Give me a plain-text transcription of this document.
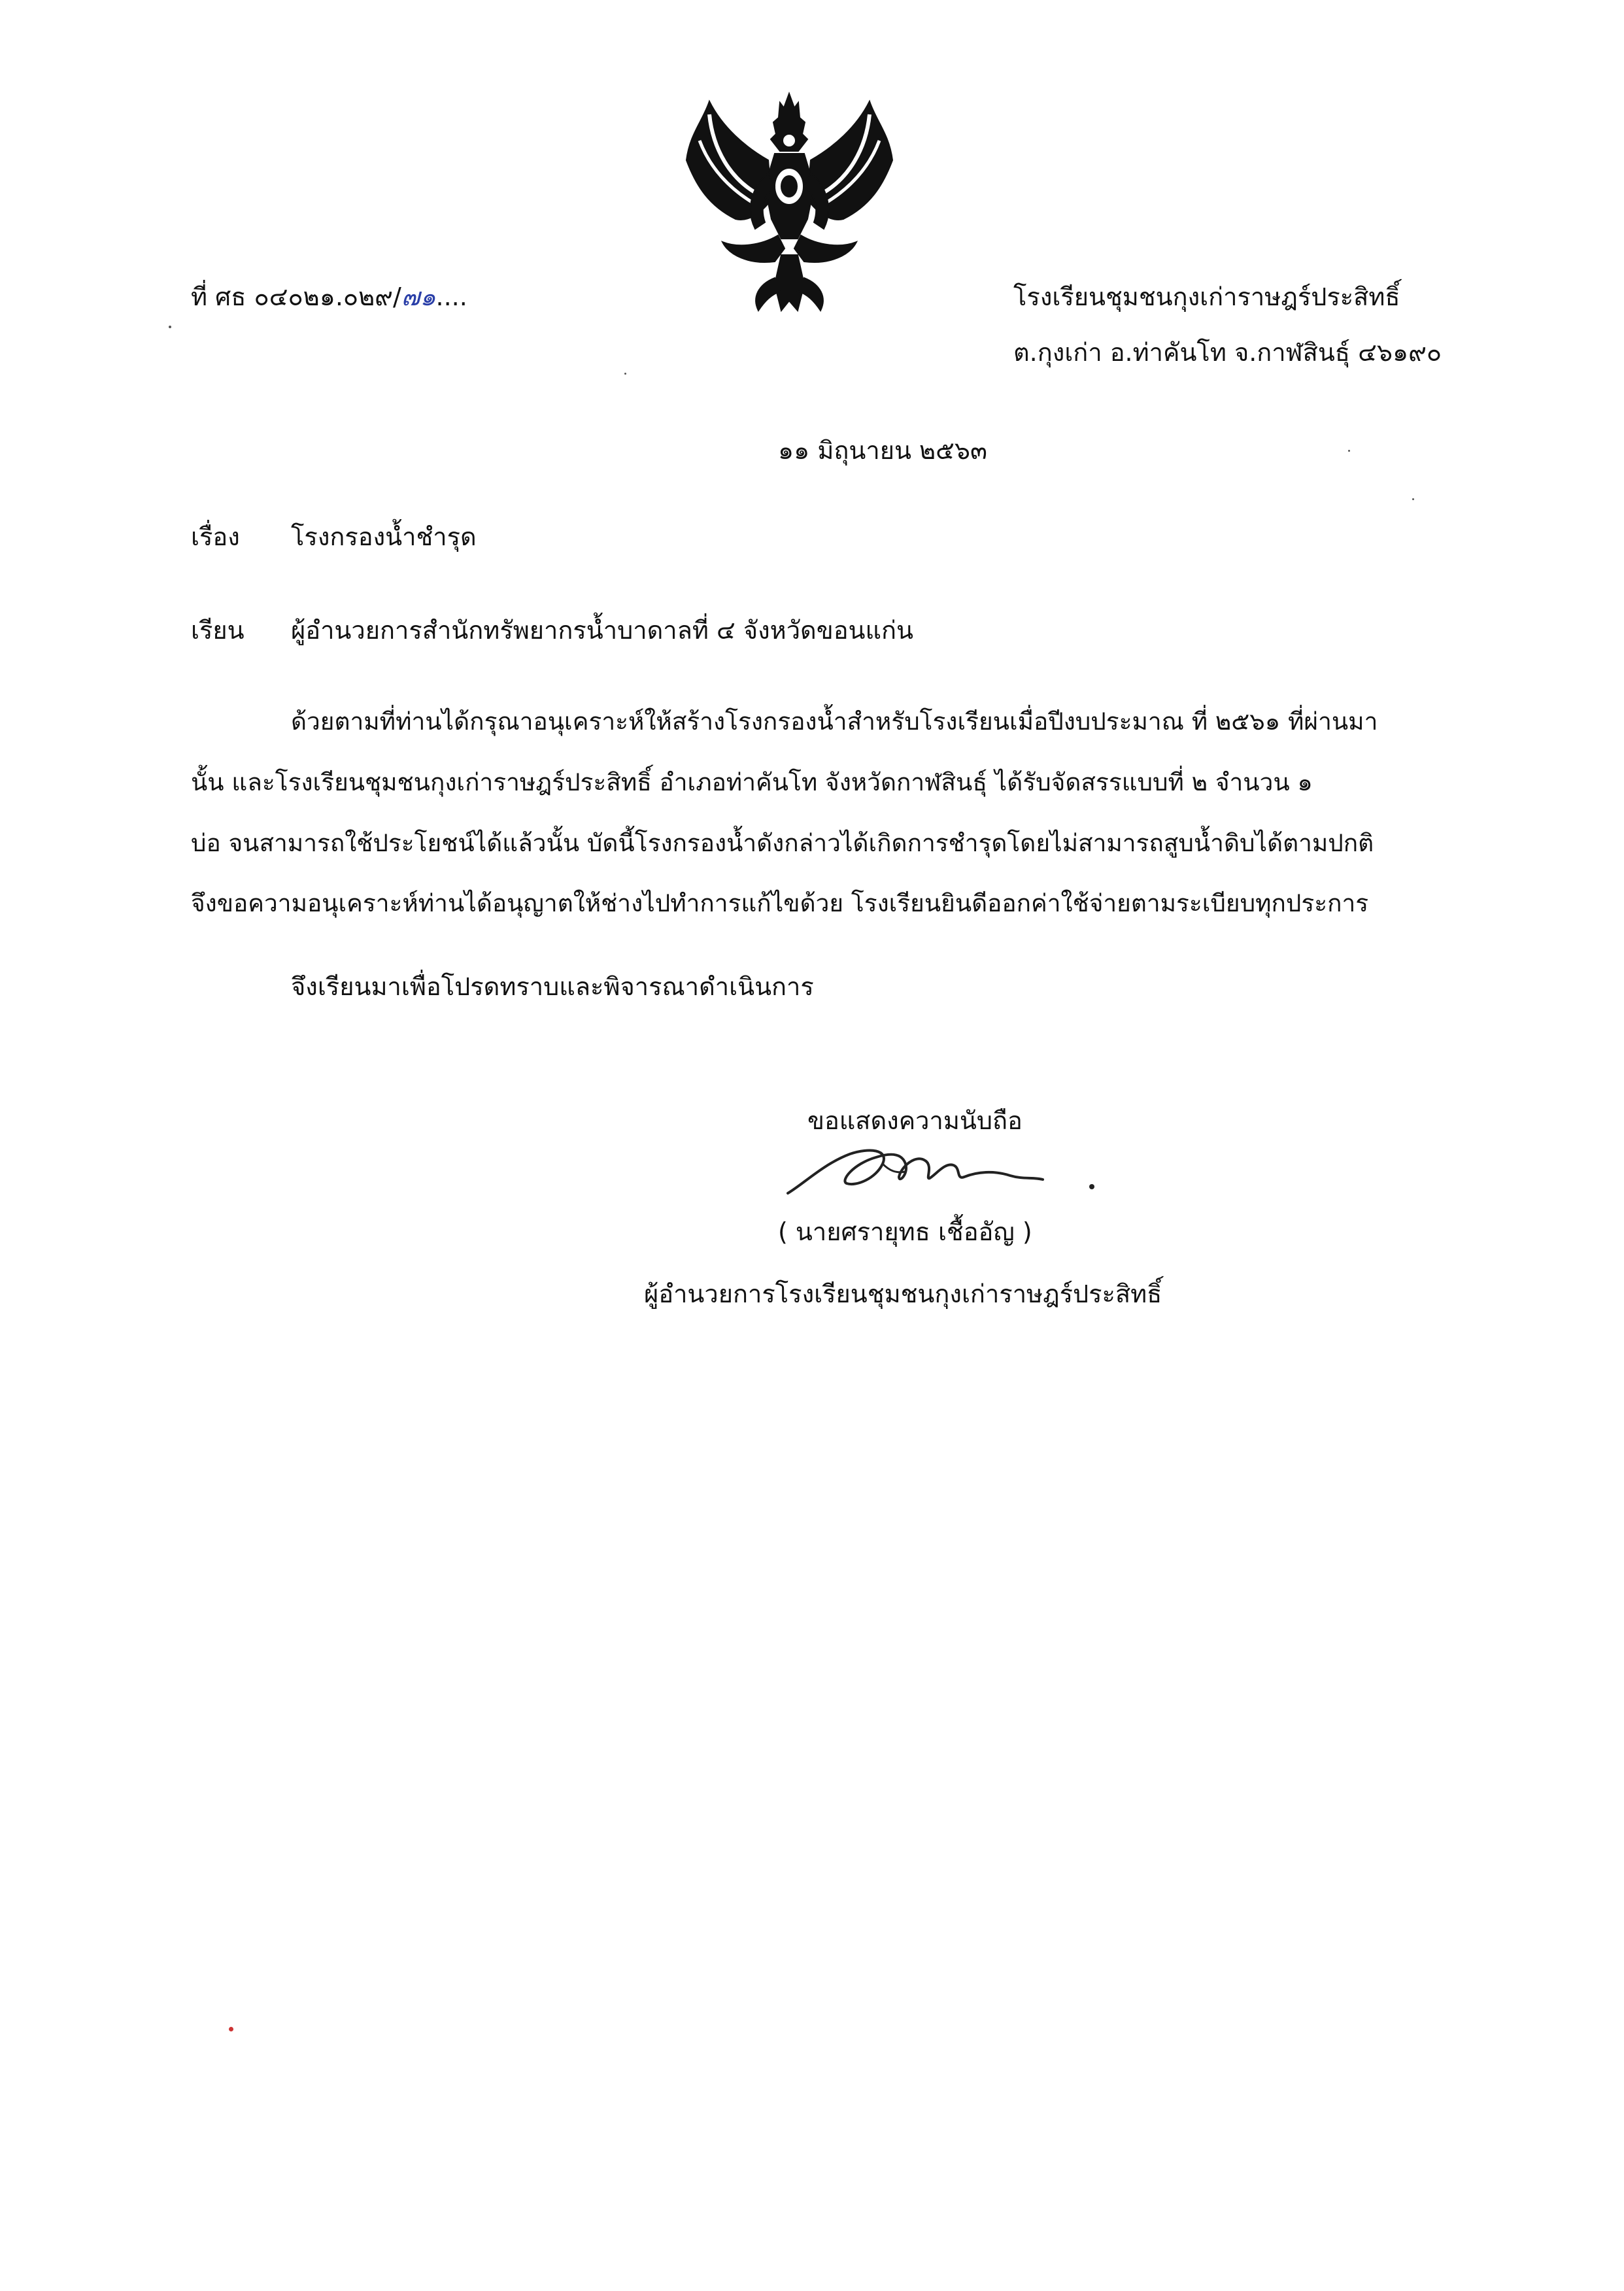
ที่ ศธ ๐๔๐๒๑.๐๒๙/๗๑....	โรงเรียนชุมชนกุงเก่าราษฎร์ประสิทธิ์
ต.กุงเก่า อ.ท่าคันโท จ.กาฬสินธุ์ ๔๖๑๙๐
๑๑ มิถุนายน ๒๕๖๓
เรื่อง โรงกรองน้ำชำรุด
เรียน ผู้อำนวยการสำนักทรัพยากรน้ำบาดาลที่ ๔ จังหวัดขอนแก่น
ด้วยตามที่ท่านได้กรุณาอนุเคราะห์ให้สร้างโรงกรองน้ำสำหรับโรงเรียนเมื่อปีงบประมาณ ที่ ๒๕๖๑ ที่ผ่านมา
นั้น และโรงเรียนชุมชนกุงเก่าราษฎร์ประสิทธิ์ อำเภอท่าคันโท จังหวัดกาฬสินธุ์ ได้รับจัดสรรแบบที่ ๒ จำนวน ๑
บ่อ จนสามารถใช้ประโยชน์ได้แล้วนั้น บัดนี้โรงกรองน้ำดังกล่าวได้เกิดการชำรุดโดยไม่สามารถสูบน้ำดิบได้ตามปกติ
จึงขอความอนุเคราะห์ท่านได้อนุญาตให้ช่างไปทำการแก้ไขด้วย โรงเรียนยินดีออกค่าใช้จ่ายตามระเบียบทุกประการ
จึงเรียนมาเพื่อโปรดทราบและพิจารณาดำเนินการ
ขอแสดงความนับถือ
( นายศรายุทธ เชื้ออัญ )
ผู้อำนวยการโรงเรียนชุมชนกุงเก่าราษฎร์ประสิทธิ์
